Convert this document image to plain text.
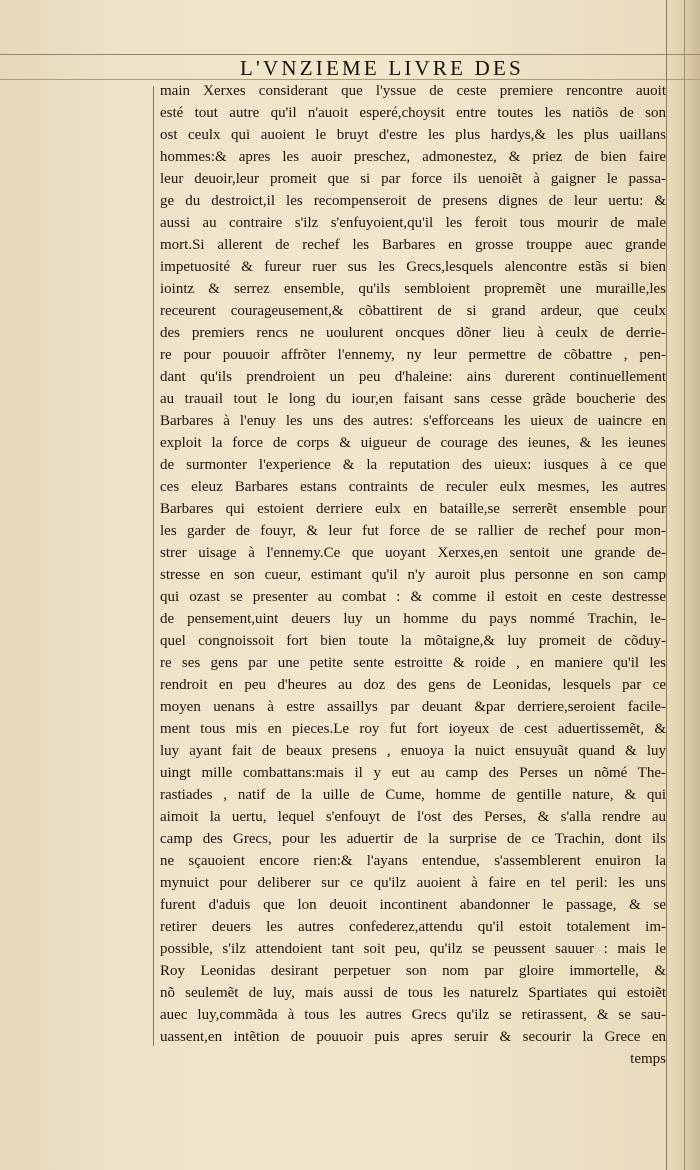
L'VNZIEME LIVRE DES
main Xerxes considerant que l'yssue de ceste premiere rencontre auoit
esté tout autre qu'il n'auoit esperé,choysit entre toutes les natiõs de son
ost ceulx qui auoient le bruyt d'estre les plus hardys,& les plus uaillans
hommes:& apres les auoir preschez, admonestez, & priez de bien faire
leur deuoir,leur promeit que si par force ils uenoiẽt à gaigner le passa-
ge du destroict,il les recompenseroit de presens dignes de leur uertu: &
aussi au contraire s'ilz s'enfuyoient,qu'il les feroit tous mourir de male
mort.Si allerent de rechef les Barbares en grosse trouppe auec grande
impetuosité & fureur ruer sus les Grecs,lesquels alencontre estãs si bien
iointz & serrez ensemble, qu'ils sembloient propremẽt une muraille,les
receurent courageusement,& cõbattirent de si grand ardeur, que ceulx
des premiers rencs ne uoulurent oncques dõner lieu à ceulx de derrie-
re pour pouuoir affrõter l'ennemy, ny leur permettre de cõbattre , pen-
dant qu'ils prendroient un peu d'haleine: ains durerent continuellement
au trauail tout le long du iour,en faisant sans cesse grãde boucherie des
Barbares à l'enuy les uns des autres: s'efforceans les uieux de uaincre en
exploit la force de corps & uigueur de courage des ieunes, & les ieunes
de surmonter l'experience & la reputation des uieux: iusques à ce que
ces eleuz Barbares estans contraints de reculer eulx mesmes, les autres
Barbares qui estoient derriere eulx en bataille,se serrerẽt ensemble pour
les garder de fouyr, & leur fut force de se rallier de rechef pour mon-
strer uisage à l'ennemy.Ce que uoyant Xerxes,en sentoit une grande de-
stresse en son cueur, estimant qu'il n'y auroit plus personne en son camp
qui ozast se presenter au combat : & comme il estoit en ceste destresse
de pensement,uint deuers luy un homme du pays nommé Trachin, le-
quel congnoissoit fort bien toute la mõtaigne,& luy promeit de cõduy-
re ses gens par une petite sente estroitte & roide , en maniere qu'il les
rendroit en peu d'heures au doz des gens de Leonidas, lesquels par ce
moyen uenans à estre assaillys par deuant &par derriere,seroient facile-
ment tous mis en pieces.Le roy fut fort ioyeux de cest aduertissemẽt, &
luy ayant fait de beaux presens , enuoya la nuict ensuyuãt quand & luy
uingt mille combattans:mais il y eut au camp des Perses un nõmé The-
rastiades , natif de la uille de Cume, homme de gentille nature, & qui
aimoit la uertu, lequel s'enfouyt de l'ost des Perses, & s'alla rendre au
camp des Grecs, pour les aduertir de la surprise de ce Trachin, dont ils
ne sçauoient encore rien:& l'ayans entendue, s'assemblerent enuiron la
mynuict pour deliberer sur ce qu'ilz auoient à faire en tel peril: les uns
furent d'aduis que lon deuoit incontinent abandonner le passage, & se
retirer deuers les autres confederez,attendu qu'il estoit totalement im-
possible, s'ilz attendoient tant soit peu, qu'ilz se peussent sauuer : mais le
Roy Leonidas desirant perpetuer son nom par gloire immortelle, &
nõ seulemẽt de luy, mais aussi de tous les naturelz Spartiates qui estoiẽt
auec luy,commãda à tous les autres Grecs qu'ilz se retirassent, & se sau-
uassent,en intẽtion de pouuoir puis apres seruir & secourir la Grece en
temps
